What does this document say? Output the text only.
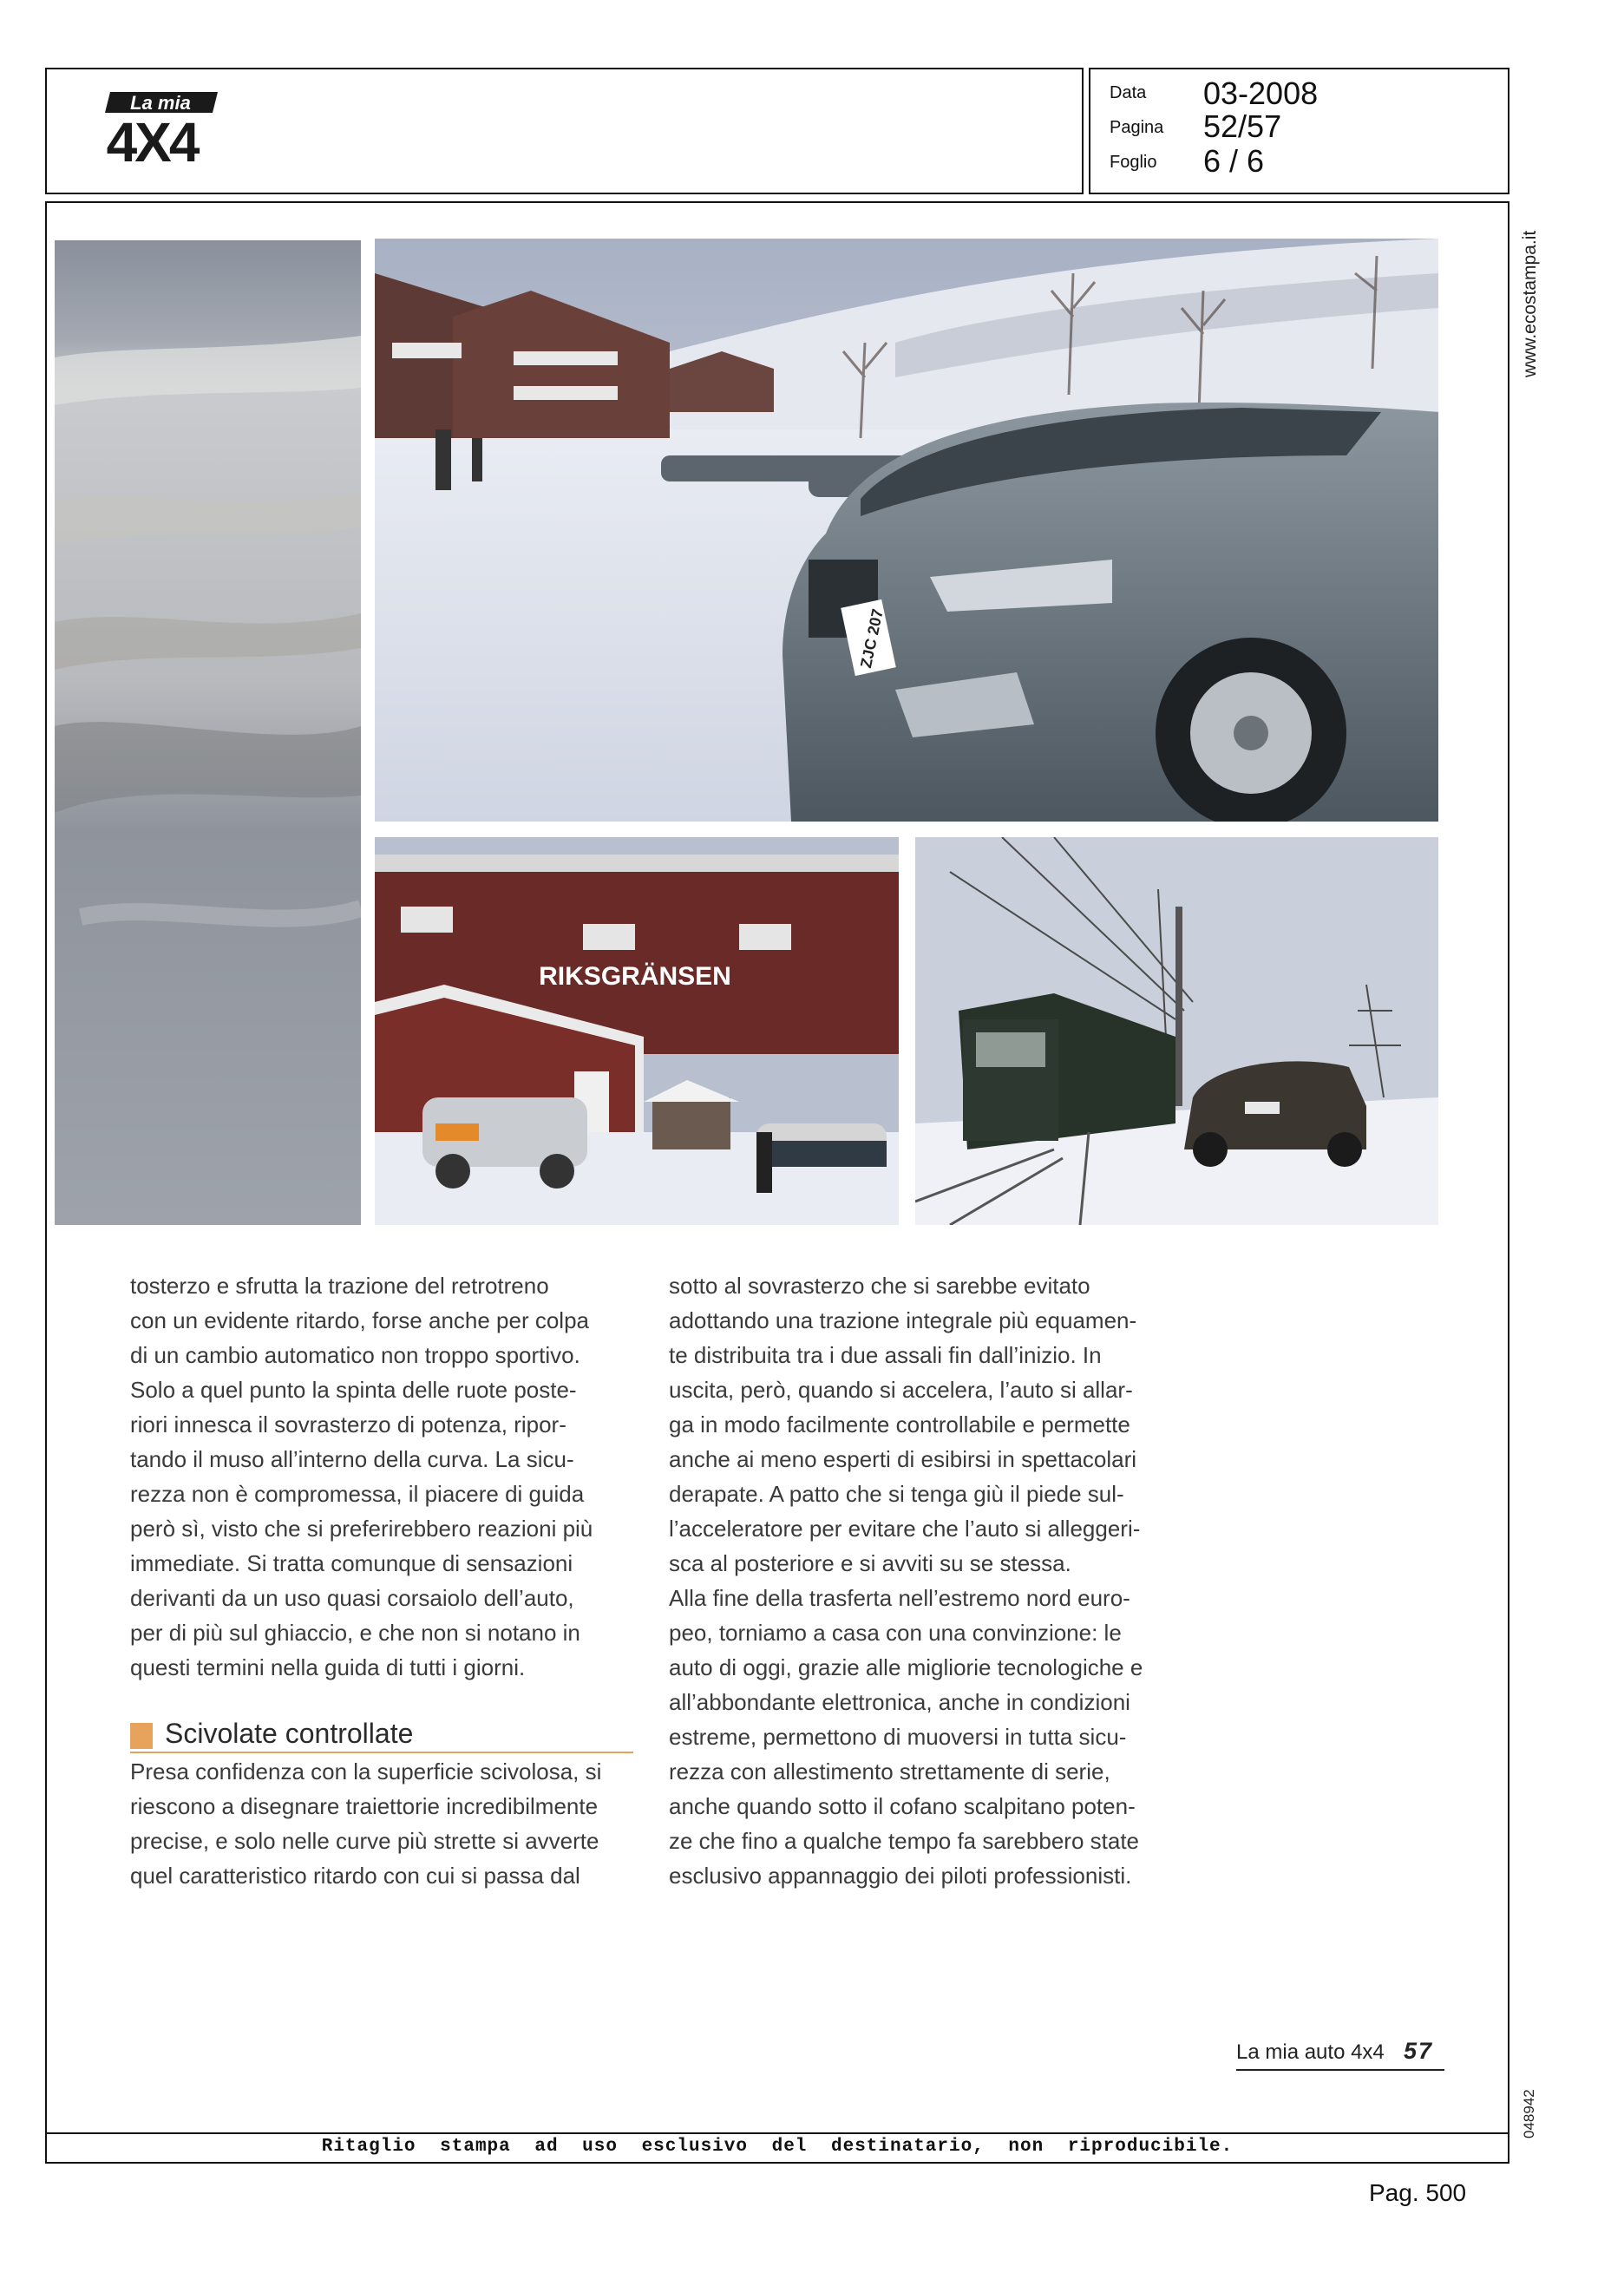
La mia
4X4
Data 03-2008
Pagina 52/57
Foglio 6 / 6
www.ecostampa.it
ZJC 207
RIKSGRÄNSEN

tosterzo e sfrutta la trazione del retrotreno

con un evidente ritardo, forse anche per colpa

di un cambio automatico non troppo sportivo.

Solo a quel punto la spinta delle ruote poste-

riori innesca il sovrasterzo di potenza, ripor-

tando il muso all’interno della curva. La sicu-

rezza non è compromessa, il piacere di guida

però sì, visto che si preferirebbero reazioni più

immediate. Si tratta comunque di sensazioni

derivanti da un uso quasi corsaiolo dell’auto,

per di più sul ghiaccio, e che non si notano in

questi termini nella guida di tutti i giorni.

Scivolate controllate

Presa confidenza con la superficie scivolosa, si

riescono a disegnare traiettorie incredibilmente

precise, e solo nelle curve più strette si avverte

quel caratteristico ritardo con cui si passa dal

sotto al sovrasterzo che si sarebbe evitato

adottando una trazione integrale più equamen-

te distribuita tra i due assali fin dall’inizio. In

uscita, però, quando si accelera, l’auto si allar-

ga in modo facilmente controllabile e permette

anche ai meno esperti di esibirsi in spettacolari

derapate. A patto che si tenga giù il piede sul-

l’acceleratore per evitare che l’auto si alleggeri-

sca al posteriore e si avviti su se stessa.

Alla fine della trasferta nell’estremo nord euro-

peo, torniamo a casa con una convinzione: le

auto di oggi, grazie alle migliorie tecnologiche e

all’abbondante elettronica, anche in condizioni

estreme, permettono di muoversi in tutta sicu-

rezza con allestimento strettamente di serie,

anche quando sotto il cofano scalpitano poten-

ze che fino a qualche tempo fa sarebbero state

esclusivo appannaggio dei piloti professionisti.

La mia auto 4x4 57
048942
Ritaglio stampa ad uso esclusivo del destinatario, non riproducibile.
Pag. 500
